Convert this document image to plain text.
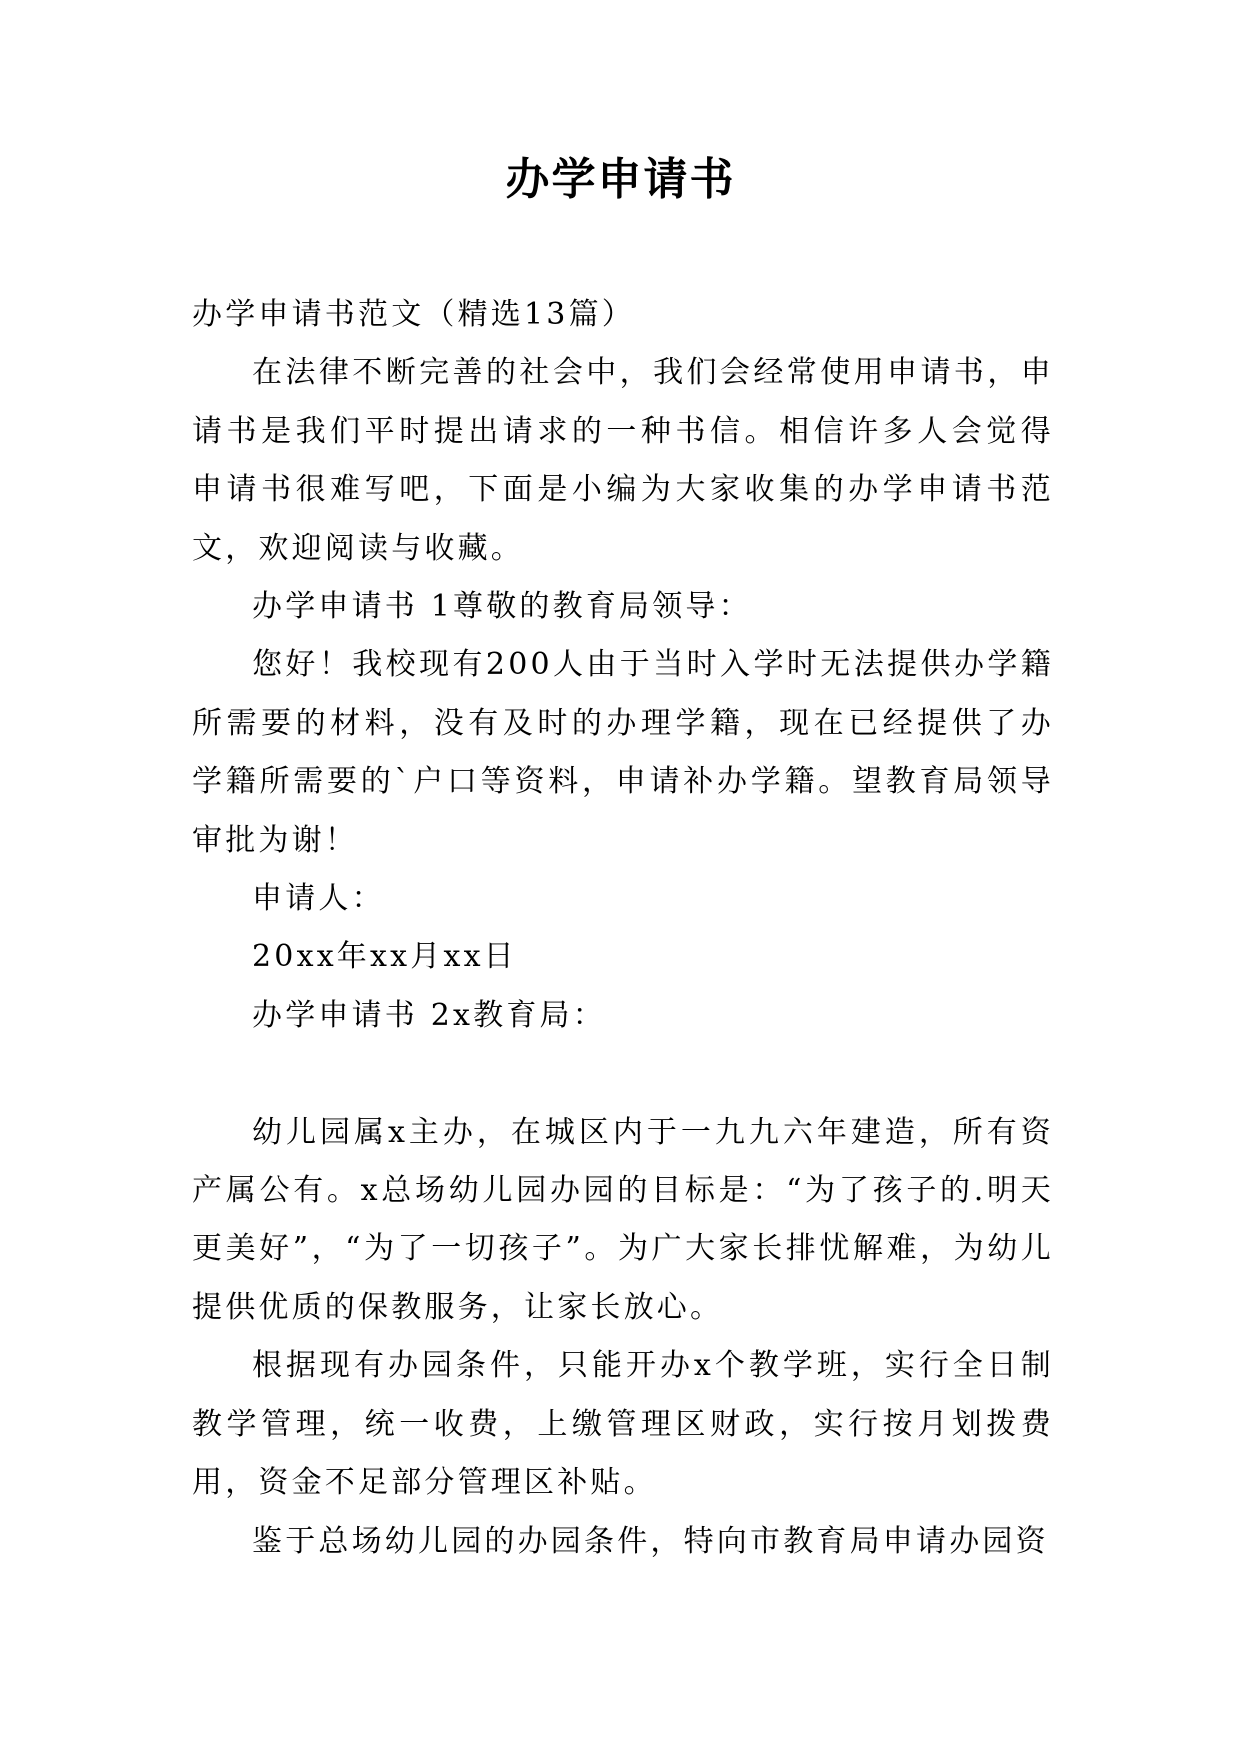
办学申请书

办学申请书范文（精选13篇）

在法律不断完善的社会中，我们会经常使用申请书，申请书是我们平时提出请求的一种书信。相信许多人会觉得申请书很难写吧，下面是小编为大家收集的办学申请书范文，欢迎阅读与收藏。

办学申请书 1尊敬的教育局领导：

您好！我校现有200人由于当时入学时无法提供办学籍所需要的材料，没有及时的办理学籍，现在已经提供了办学籍所需要的`户口等资料，申请补办学籍。望教育局领导审批为谢！

申请人：

20xx年xx月xx日

办学申请书 2x教育局：

幼儿园属x主办，在城区内于一九九六年建造，所有资产属公有。x总场幼儿园办园的目标是：“为了孩子的.明天更美好”，“为了一切孩子”。为广大家长排忧解难，为幼儿提供优质的保教服务，让家长放心。

根据现有办园条件，只能开办x个教学班，实行全日制教学管理，统一收费，上缴管理区财政，实行按月划拨费用，资金不足部分管理区补贴。

鉴于总场幼儿园的办园条件，特向市教育局申请办园资
